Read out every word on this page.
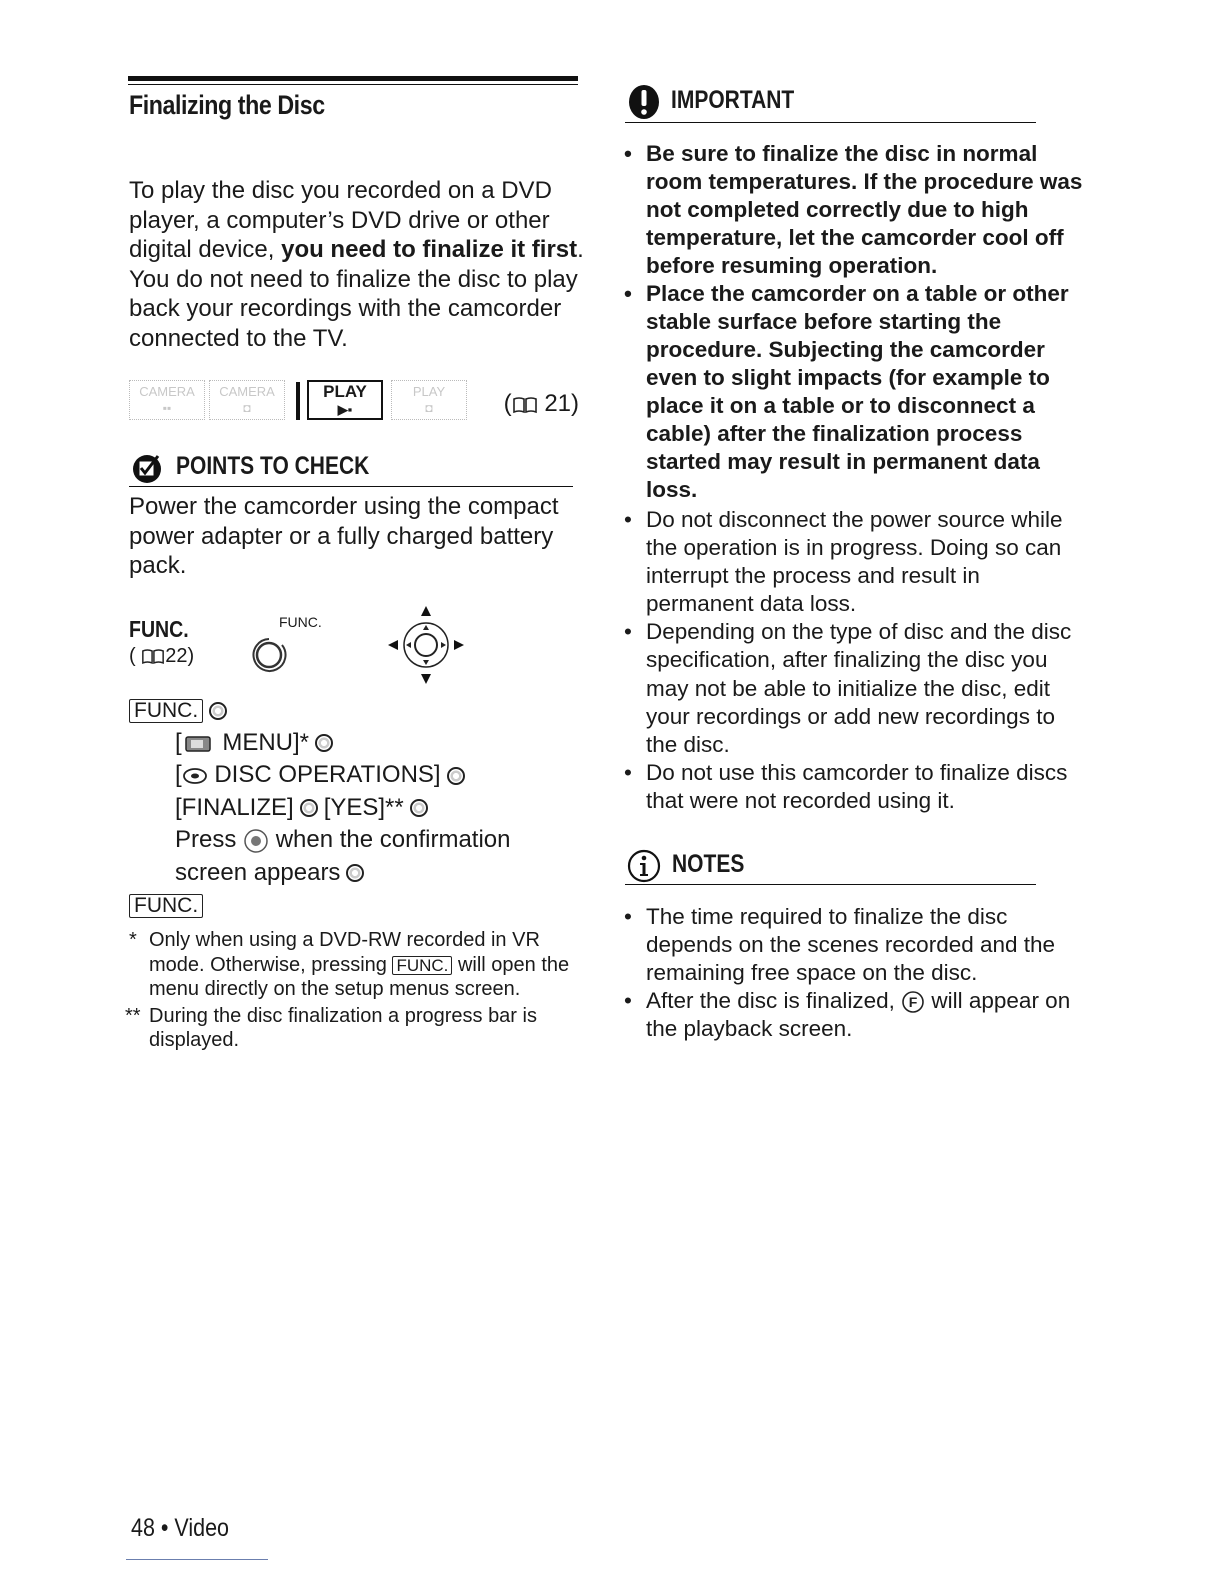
Finalizing the Disc

To play the disc you recorded on a DVD player, a computer’s DVD drive or other digital device, you need to finalize it first. You do not need to finalize the disc to play back your recordings with the camcorder connected to the TV.

CAMERA
▪▪
CAMERA
◘
PLAY
▶▪
PLAY
◘	( 21)
POINTS TO CHECK
Power the camcorder using the compact power adapter or a fully charged battery pack.
FUNC.
( 22)
FUNC.
FUNC.
[ MENU]*
[ DISC OPERATIONS]
[FINALIZE] [YES]**
Press when the confirmation
screen appears
FUNC.
* Only when using a DVD-RW recorded in VR mode. Otherwise, pressing FUNC. will open the menu directly on the setup menus screen.
** During the disc finalization a progress bar is displayed.
48 • Video
IMPORTANT
• Be sure to finalize the disc in normal room temperatures. If the procedure was not completed correctly due to high temperature, let the camcorder cool off before resuming operation.
• Place the camcorder on a table or other stable surface before starting the procedure. Subjecting the camcorder even to slight impacts (for example to place it on a table or to disconnect a cable) after the finalization process started may result in permanent data loss.
• Do not disconnect the power source while the operation is in progress. Doing so can interrupt the process and result in permanent data loss.
• Depending on the type of disc and the disc specification, after finalizing the disc you may not be able to initialize the disc, edit your recordings or add new recordings to the disc.
• Do not use this camcorder to finalize discs that were not recorded using it.
NOTES
• The time required to finalize the disc depends on the scenes recorded and the remaining free space on the disc.
• After the disc is finalized, F will appear on the playback screen.
